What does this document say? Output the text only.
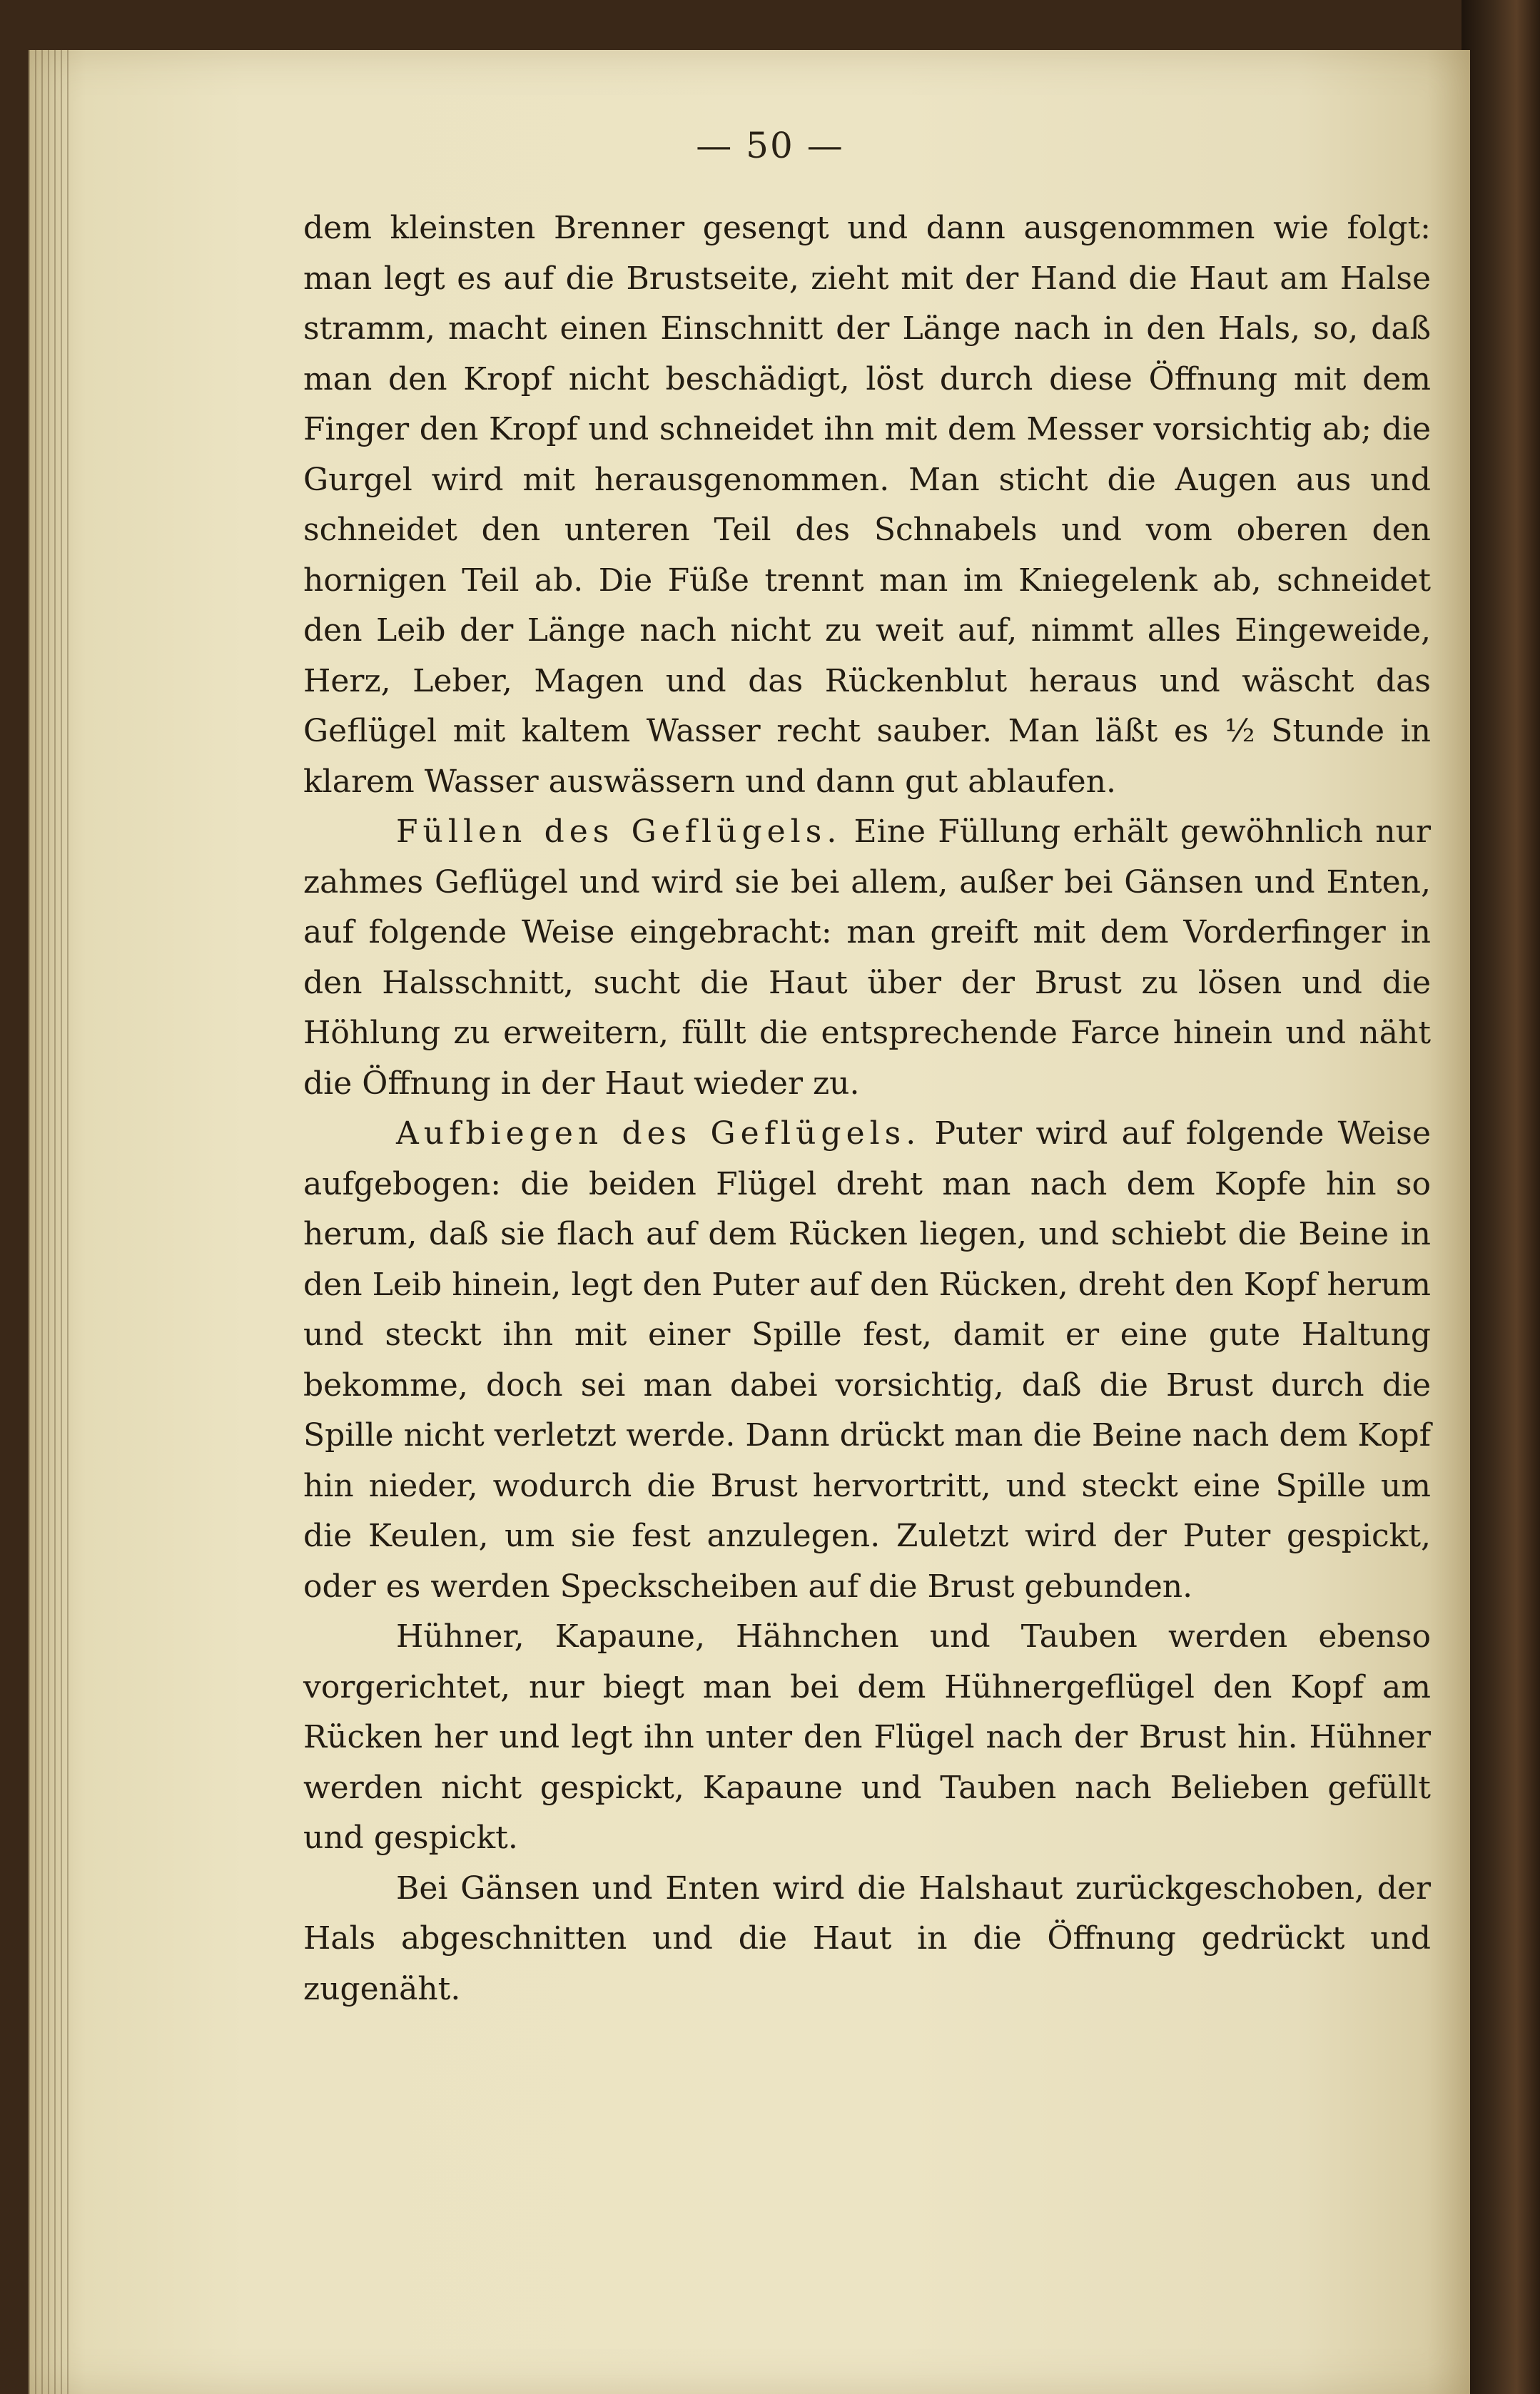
— 50 —

dem kleinsten Brenner gesengt und dann ausgenommen wie folgt: man legt es auf die Brustseite, zieht mit der Hand die Haut am Halse stramm, macht einen Einschnitt der Länge nach in den Hals, so, daß man den Kropf nicht beschädigt, löst durch diese Öffnung mit dem Finger den Kropf und schneidet ihn mit dem Messer vorsichtig ab; die Gurgel wird mit herausgenommen. Man sticht die Augen aus und schneidet den unteren Teil des Schnabels und vom oberen den hornigen Teil ab. Die Füße trennt man im Kniegelenk ab, schneidet den Leib der Länge nach nicht zu weit auf, nimmt alles Eingeweide, Herz, Leber, Magen und das Rückenblut heraus und wäscht das Geflügel mit kaltem Wasser recht sauber. Man läßt es ½ Stunde in klarem Wasser auswässern und dann gut ablaufen.

Füllen des Geflügels. Eine Füllung erhält gewöhnlich nur zahmes Geflügel und wird sie bei allem, außer bei Gänsen und Enten, auf folgende Weise eingebracht: man greift mit dem Vorderfinger in den Halsschnitt, sucht die Haut über der Brust zu lösen und die Höhlung zu erweitern, füllt die entsprechende Farce hinein und näht die Öffnung in der Haut wieder zu.

Aufbiegen des Geflügels. Puter wird auf folgende Weise aufgebogen: die beiden Flügel dreht man nach dem Kopfe hin so herum, daß sie flach auf dem Rücken liegen, und schiebt die Beine in den Leib hinein, legt den Puter auf den Rücken, dreht den Kopf herum und steckt ihn mit einer Spille fest, damit er eine gute Haltung bekomme, doch sei man dabei vorsichtig, daß die Brust durch die Spille nicht verletzt werde. Dann drückt man die Beine nach dem Kopf hin nieder, wodurch die Brust hervortritt, und steckt eine Spille um die Keulen, um sie fest anzulegen. Zuletzt wird der Puter gespickt, oder es werden Speckscheiben auf die Brust gebunden.

Hühner, Kapaune, Hähnchen und Tauben werden ebenso vorgerichtet, nur biegt man bei dem Hühnergeflügel den Kopf am Rücken her und legt ihn unter den Flügel nach der Brust hin. Hühner werden nicht gespickt, Kapaune und Tauben nach Belieben gefüllt und gespickt.

Bei Gänsen und Enten wird die Halshaut zurückgeschoben, der Hals abgeschnitten und die Haut in die Öffnung gedrückt und zugenäht.
